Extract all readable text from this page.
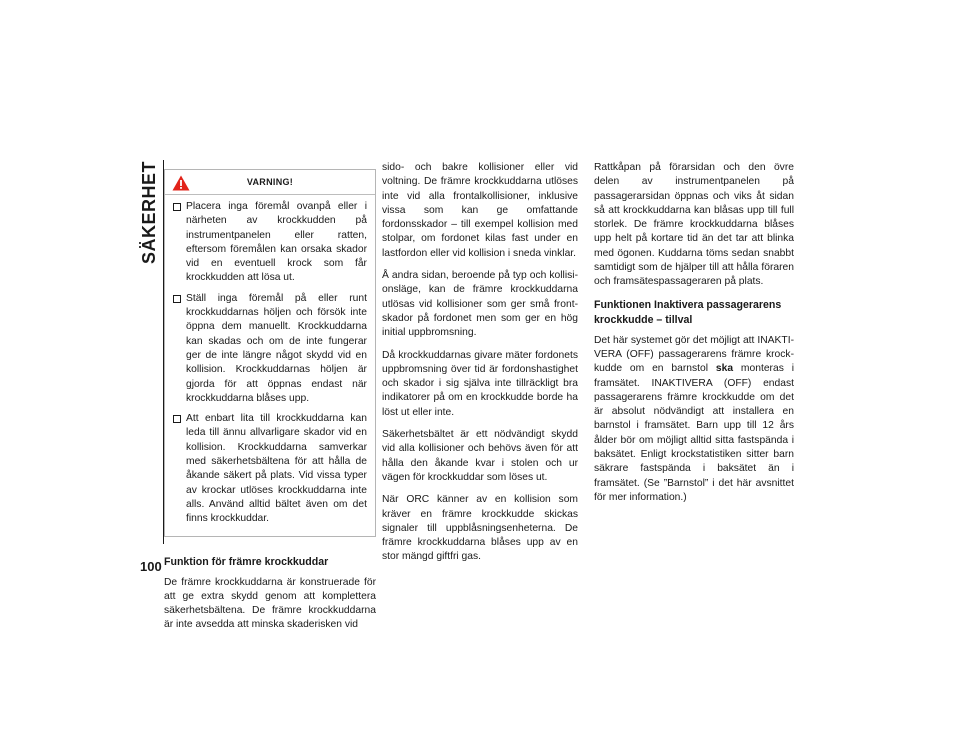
SÄKERHET
100
VARNING!
Placera inga föremål ovanpå eller i närheten av krockkudden på instrumentpanelen eller ratten, eftersom föremålen kan orsaka skador vid en eventuell krock som får krockkudden att lösa ut.
Ställ inga föremål på eller runt krockkuddarnas höljen och försök inte öppna dem manuellt. Krockkuddarna kan skadas och om de inte fungerar ger de inte längre något skydd vid en kollision. Krockkuddarnas höljen är gjorda för att öppnas endast när krockkuddarna blåses upp.
Att enbart lita till krockkuddarna kan leda till ännu allvarligare skador vid en kollision. Krockkuddarna samverkar med säkerhetsbältena för att hålla de åkande säkert på plats. Vid vissa typer av krockar utlöses krockkuddarna inte alls. Använd alltid bältet även om det finns krockkuddar.
Funktion för främre krockkuddar

De främre krockkuddarna är konstruerade för att ge extra skydd genom att komplettera säkerhetsbältena. De främre krockkuddarna är inte avsedda att minska skaderisken vid

sido- och bakre kollisioner eller vid voltning. De främre krockkuddarna utlöses inte vid alla frontalkollisioner, inklusive vissa som kan ge omfattande fordonsskador – till exempel kollision med stolpar, om fordonet kilas fast under en lastfordon eller vid kollision i sneda vinklar.

Å andra sidan, beroende på typ och kollisionsläge, kan de främre krockkuddarna utlösas vid kollisioner som ger små frontskador på fordonet men som ger en hög initial uppbromsning.

Då krockkuddarnas givare mäter fordonets uppbromsning över tid är fordonshastighet och skador i sig själva inte tillräckligt bra indikatorer på om en krockkudde borde ha löst ut eller inte.

Säkerhetsbältet är ett nödvändigt skydd vid alla kollisioner och behövs även för att hålla den åkande kvar i stolen och ur vägen för krockkuddar som löses ut.

När ORC känner av en kollision som kräver en främre krockkudde skickas signaler till uppblåsningsenheterna. De främre krockkuddarna blåses upp av en stor mängd giftfri gas.

Rattkåpan på förarsidan och den övre delen av instrumentpanelen på passagerarsidan öppnas och viks åt sidan så att krockkuddarna kan blåsas upp till full storlek. De främre krockkuddarna blåses upp helt på kortare tid än det tar att blinka med ögonen. Kuddarna töms sedan snabbt samtidigt som de hjälper till att hålla föraren och framsätespassageraren på plats.

Funktionen Inaktivera passagerarens krockkudde – tillval

Det här systemet gör det möjligt att INAKTIVERA (OFF) passagerarens främre krockkudde om en barnstol ska monteras i framsätet. INAKTIVERA (OFF) endast passagerarens främre krockkudde om det är absolut nödvändigt att installera en barnstol i framsätet. Barn upp till 12 års ålder bör om möjligt alltid sitta fastspända i baksätet. Enligt krockstatistiken sitter barn säkrare fastspända i baksätet än i framsätet. (Se ”Barnstol” i det här avsnittet för mer information.)
